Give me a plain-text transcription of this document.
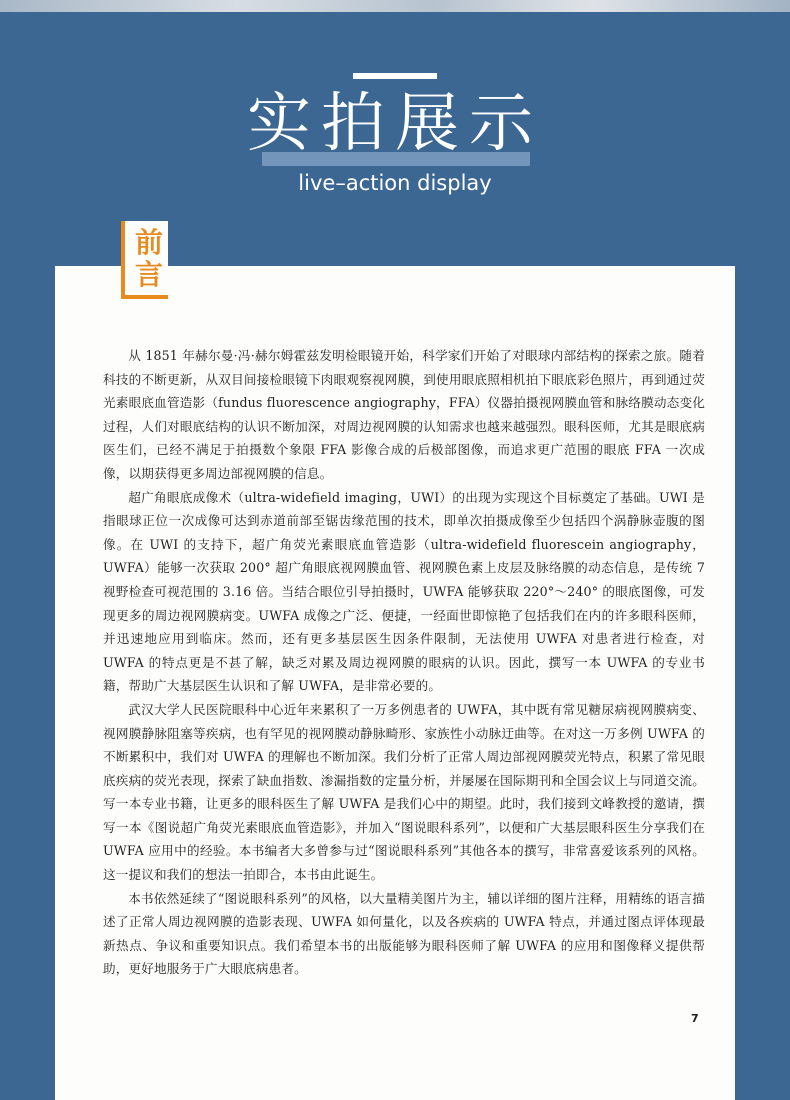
实拍展示
live–action display
前言

从 1851 年赫尔曼·冯·赫尔姆霍兹发明检眼镜开始，科学家们开始了对眼球内部结构的探索之旅。随着科技的不断更新，从双目间接检眼镜下肉眼观察视网膜，到使用眼底照相机拍下眼底彩色照片，再到通过荧光素眼底血管造影（fundus fluorescence angiography，FFA）仪器拍摄视网膜血管和脉络膜动态变化过程，人们对眼底结构的认识不断加深，对周边视网膜的认知需求也越来越强烈。眼科医师，尤其是眼底病医生们，已经不满足于拍摄数个象限 FFA 影像合成的后极部图像，而追求更广范围的眼底 FFA 一次成像，以期获得更多周边部视网膜的信息。

超广角眼底成像术（ultra-widefield imaging，UWI）的出现为实现这个目标奠定了基础。UWI 是指眼球正位一次成像可达到赤道前部至锯齿缘范围的技术，即单次拍摄成像至少包括四个涡静脉壶腹的图像。在 UWI 的支持下，超广角荧光素眼底血管造影（ultra-widefield fluorescein angiography，UWFA）能够一次获取 200° 超广角眼底视网膜血管、视网膜色素上皮层及脉络膜的动态信息，是传统 7 视野检查可视范围的 3.16 倍。当结合眼位引导拍摄时，UWFA 能够获取 220°～240° 的眼底图像，可发现更多的周边视网膜病变。UWFA 成像之广泛、便捷，一经面世即惊艳了包括我们在内的许多眼科医师，并迅速地应用到临床。然而，还有更多基层医生因条件限制，无法使用 UWFA 对患者进行检查，对 UWFA 的特点更是不甚了解，缺乏对累及周边视网膜的眼病的认识。因此，撰写一本 UWFA 的专业书籍，帮助广大基层医生认识和了解 UWFA，是非常必要的。

武汉大学人民医院眼科中心近年来累积了一万多例患者的 UWFA，其中既有常见糖尿病视网膜病变、视网膜静脉阻塞等疾病，也有罕见的视网膜动静脉畸形、家族性小动脉迂曲等。在对这一万多例 UWFA 的不断累积中，我们对 UWFA 的理解也不断加深。我们分析了正常人周边部视网膜荧光特点，积累了常见眼底疾病的荧光表现，探索了缺血指数、渗漏指数的定量分析，并屡屡在国际期刊和全国会议上与同道交流。写一本专业书籍，让更多的眼科医生了解 UWFA 是我们心中的期望。此时，我们接到文峰教授的邀请，撰写一本《图说超广角荧光素眼底血管造影》，并加入“图说眼科系列”，以便和广大基层眼科医生分享我们在 UWFA 应用中的经验。本书编者大多曾参与过“图说眼科系列”其他各本的撰写，非常喜爱该系列的风格。这一提议和我们的想法一拍即合，本书由此诞生。

本书依然延续了“图说眼科系列”的风格，以大量精美图片为主，辅以详细的图片注释，用精练的语言描述了正常人周边视网膜的造影表现、UWFA 如何量化，以及各疾病的 UWFA 特点，并通过图点评体现最新热点、争议和重要知识点。我们希望本书的出版能够为眼科医师了解 UWFA 的应用和图像释义提供帮助，更好地服务于广大眼底病患者。

7
